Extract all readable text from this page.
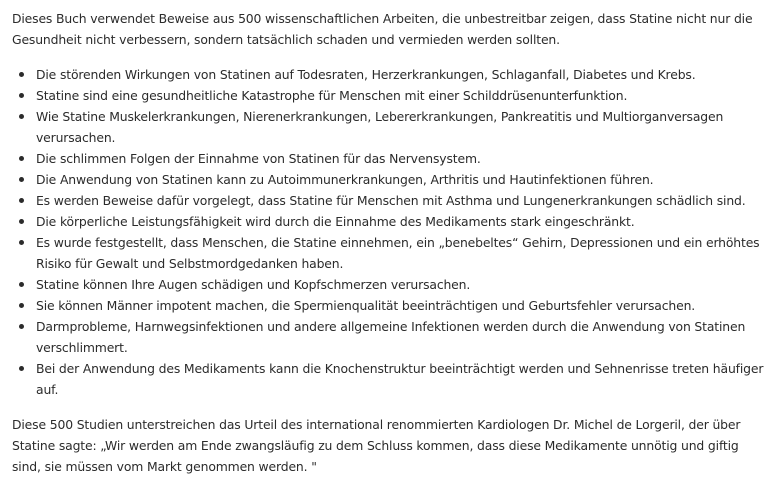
Dieses Buch verwendet Beweise aus 500 wissenschaftlichen Arbeiten, die unbestreitbar zeigen, dass Statine nicht nur die Gesundheit nicht verbessern, sondern tatsächlich schaden und vermieden werden sollten.

Die störenden Wirkungen von Statinen auf Todesraten, Herzerkrankungen, Schlaganfall, Diabetes und Krebs.
Statine sind eine gesundheitliche Katastrophe für Menschen mit einer Schilddrüsenunterfunktion.
Wie Statine Muskelerkrankungen, Nierenerkrankungen, Lebererkrankungen, Pankreatitis und Multiorganversagen verursachen.
Die schlimmen Folgen der Einnahme von Statinen für das Nervensystem.
Die Anwendung von Statinen kann zu Autoimmunerkrankungen, Arthritis und Hautinfektionen führen.
Es werden Beweise dafür vorgelegt, dass Statine für Menschen mit Asthma und Lungenerkrankungen schädlich sind.
Die körperliche Leistungsfähigkeit wird durch die Einnahme des Medikaments stark eingeschränkt.
Es wurde festgestellt, dass Menschen, die Statine einnehmen, ein „benebeltes“ Gehirn, Depressionen und ein erhöhtes Risiko für Gewalt und Selbstmordgedanken haben.
Statine können Ihre Augen schädigen und Kopfschmerzen verursachen.
Sie können Männer impotent machen, die Spermienqualität beeinträchtigen und Geburtsfehler verursachen.
Darmprobleme, Harnwegsinfektionen und andere allgemeine Infektionen werden durch die Anwendung von Statinen verschlimmert.
Bei der Anwendung des Medikaments kann die Knochenstruktur beeinträchtigt werden und Sehnenrisse treten häufiger auf.

Diese 500 Studien unterstreichen das Urteil des international renommierten Kardiologen Dr. Michel de Lorgeril, der über Statine sagte: „Wir werden am Ende zwangsläufig zu dem Schluss kommen, dass diese Medikamente unnötig und giftig sind, sie müssen vom Markt genommen werden. "
